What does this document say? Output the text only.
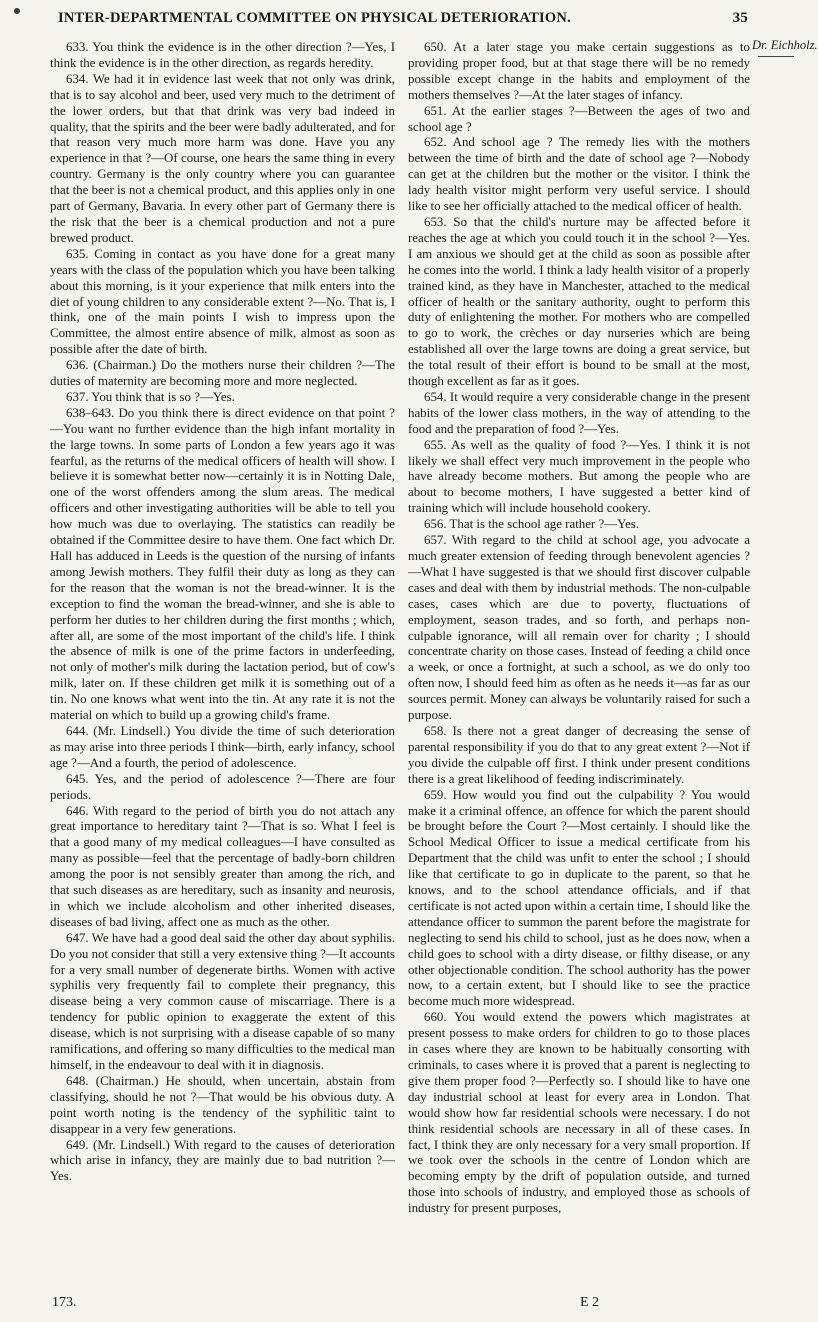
INTER-DEPARTMENTAL COMMITTEE ON PHYSICAL DETERIORATION.	35
Dr. Eichholz.

633. You think the evidence is in the other direction ?—Yes, I think the evidence is in the other direction, as regards heredity.

634. We had it in evidence last week that not only was drink, that is to say alcohol and beer, used very much to the detriment of the lower orders, but that that drink was very bad indeed in quality, that the spirits and the beer were badly adulterated, and for that reason very much more harm was done. Have you any experience in that ?—Of course, one hears the same thing in every country. Germany is the only country where you can guarantee that the beer is not a chemical product, and this applies only in one part of Germany, Bavaria. In every other part of Germany there is the risk that the beer is a chemical production and not a pure brewed product.

635. Coming in contact as you have done for a great many years with the class of the population which you have been talking about this morning, is it your experience that milk enters into the diet of young children to any considerable extent ?—No. That is, I think, one of the main points I wish to impress upon the Committee, the almost entire absence of milk, almost as soon as possible after the date of birth.

636. (Chairman.) Do the mothers nurse their children ?—The duties of maternity are becoming more and more neglected.

637. You think that is so ?—Yes.

638–643. Do you think there is direct evidence on that point ?—You want no further evidence than the high infant mortality in the large towns. In some parts of London a few years ago it was fearful, as the returns of the medical officers of health will show. I believe it is somewhat better now—certainly it is in Notting Dale, one of the worst offenders among the slum areas. The medical officers and other investigating authorities will be able to tell you how much was due to overlaying. The statistics can readily be obtained if the Committee desire to have them. One fact which Dr. Hall has adduced in Leeds is the question of the nursing of infants among Jewish mothers. They fulfil their duty as long as they can for the reason that the woman is not the bread-winner. It is the exception to find the woman the bread-winner, and she is able to perform her duties to her children during the first months ; which, after all, are some of the most important of the child's life. I think the absence of milk is one of the prime factors in underfeeding, not only of mother's milk during the lactation period, but of cow's milk, later on. If these children get milk it is something out of a tin. No one knows what went into the tin. At any rate it is not the material on which to build up a growing child's frame.

644. (Mr. Lindsell.) You divide the time of such deterioration as may arise into three periods I think—birth, early infancy, school age ?—And a fourth, the period of adolescence.

645. Yes, and the period of adolescence ?—There are four periods.

646. With regard to the period of birth you do not attach any great importance to hereditary taint ?—That is so. What I feel is that a good many of my medical colleagues—I have consulted as many as possible—feel that the percentage of badly-born children among the poor is not sensibly greater than among the rich, and that such diseases as are hereditary, such as insanity and neurosis, in which we include alcoholism and other inherited diseases, diseases of bad living, affect one as much as the other.

647. We have had a good deal said the other day about syphilis. Do you not consider that still a very extensive thing ?—It accounts for a very small number of degenerate births. Women with active syphilis very frequently fail to complete their pregnancy, this disease being a very common cause of miscarriage. There is a tendency for public opinion to exaggerate the extent of this disease, which is not surprising with a disease capable of so many ramifications, and offering so many difficulties to the medical man himself, in the endeavour to deal with it in diagnosis.

648. (Chairman.) He should, when uncertain, abstain from classifying, should he not ?—That would be his obvious duty. A point worth noting is the tendency of the syphilitic taint to disappear in a very few generations.

649. (Mr. Lindsell.) With regard to the causes of deterioration which arise in infancy, they are mainly due to bad nutrition ?—Yes.

650. At a later stage you make certain suggestions as to providing proper food, but at that stage there will be no remedy possible except change in the habits and employment of the mothers themselves ?—At the later stages of infancy.

651. At the earlier stages ?—Between the ages of two and school age ?

652. And school age ? The remedy lies with the mothers between the time of birth and the date of school age ?—Nobody can get at the children but the mother or the visitor. I think the lady health visitor might perform very useful service. I should like to see her officially attached to the medical officer of health.

653. So that the child's nurture may be affected before it reaches the age at which you could touch it in the school ?—Yes. I am anxious we should get at the child as soon as possible after he comes into the world. I think a lady health visitor of a properly trained kind, as they have in Manchester, attached to the medical officer of health or the sanitary authority, ought to perform this duty of enlightening the mother. For mothers who are compelled to go to work, the crèches or day nurseries which are being established all over the large towns are doing a great service, but the total result of their effort is bound to be small at the most, though excellent as far as it goes.

654. It would require a very considerable change in the present habits of the lower class mothers, in the way of attending to the food and the preparation of food ?—Yes.

655. As well as the quality of food ?—Yes. I think it is not likely we shall effect very much improvement in the people who have already become mothers. But among the people who are about to become mothers, I have suggested a better kind of training which will include household cookery.

656. That is the school age rather ?—Yes.

657. With regard to the child at school age, you advocate a much greater extension of feeding through benevolent agencies ?—What I have suggested is that we should first discover culpable cases and deal with them by industrial methods. The non-culpable cases, cases which are due to poverty, fluctuations of employment, season trades, and so forth, and perhaps non-culpable ignorance, will all remain over for charity ; I should concentrate charity on those cases. Instead of feeding a child once a week, or once a fortnight, at such a school, as we do only too often now, I should feed him as often as he needs it—as far as our sources permit. Money can always be voluntarily raised for such a purpose.

658. Is there not a great danger of decreasing the sense of parental responsibility if you do that to any great extent ?—Not if you divide the culpable off first. I think under present conditions there is a great likelihood of feeding indiscriminately.

659. How would you find out the culpability ? You would make it a criminal offence, an offence for which the parent should be brought before the Court ?—Most certainly. I should like the School Medical Officer to issue a medical certificate from his Department that the child was unfit to enter the school ; I should like that certificate to go in duplicate to the parent, so that he knows, and to the school attendance officials, and if that certificate is not acted upon within a certain time, I should like the attendance officer to summon the parent before the magistrate for neglecting to send his child to school, just as he does now, when a child goes to school with a dirty disease, or filthy disease, or any other objectionable condition. The school authority has the power now, to a certain extent, but I should like to see the practice become much more widespread.

660. You would extend the powers which magistrates at present possess to make orders for children to go to those places in cases where they are known to be habitually consorting with criminals, to cases where it is proved that a parent is neglecting to give them proper food ?—Perfectly so. I should like to have one day industrial school at least for every area in London. That would show how far residential schools were necessary. I do not think residential schools are necessary in all of these cases. In fact, I think they are only necessary for a very small proportion. If we took over the schools in the centre of London which are becoming empty by the drift of population outside, and turned those into schools of industry, and employed those as schools of industry for present purposes,

173.	E 2
